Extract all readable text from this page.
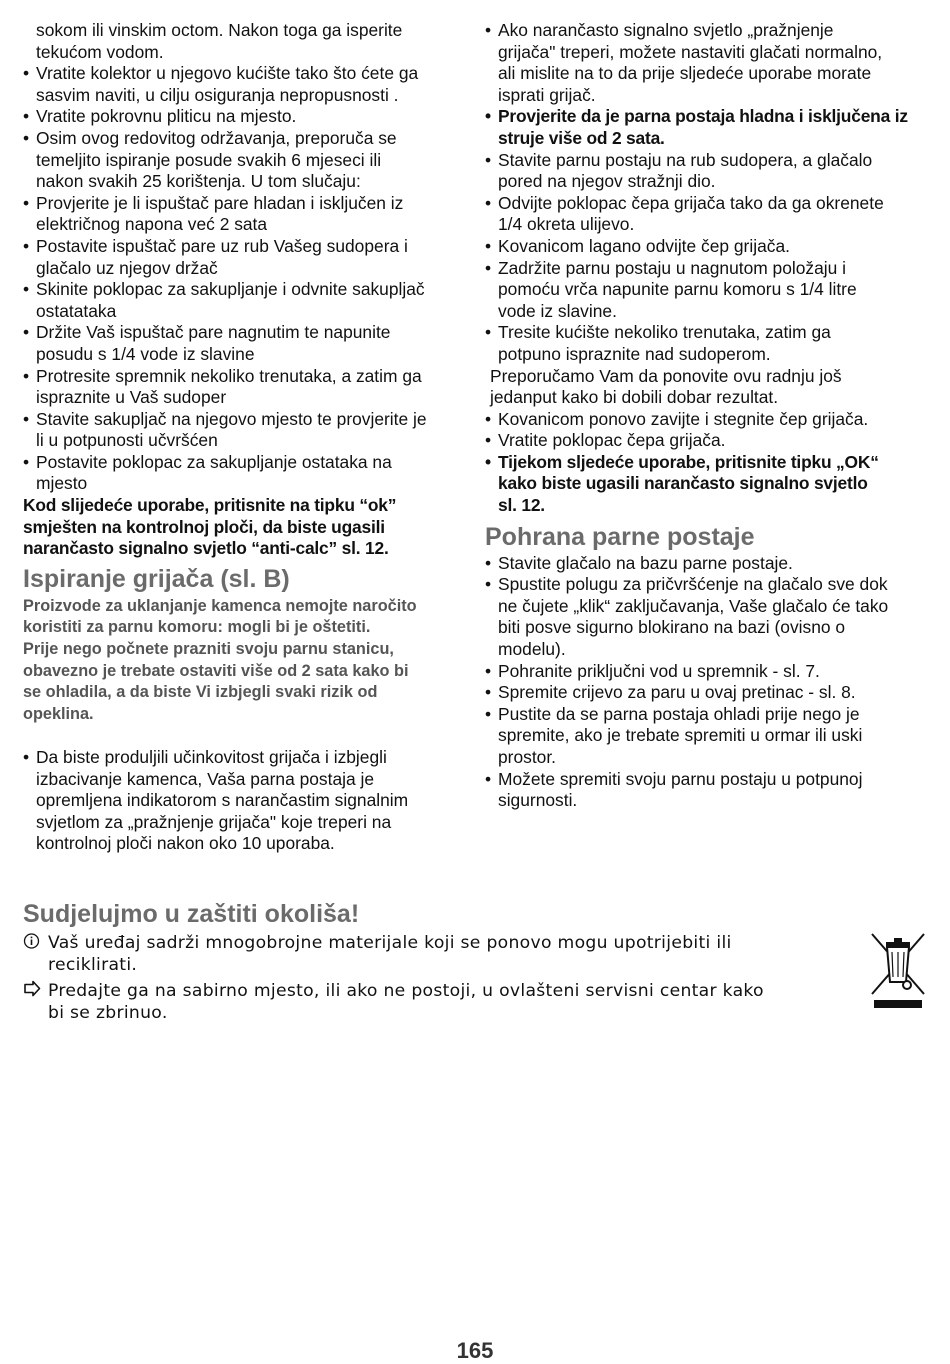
sokom ili vinskim octom. Nakon toga ga isperite
tekućom vodom.
• Vratite kolektor u njegovo kućište tako što ćete ga
sasvim naviti, u cilju osiguranja nepropusnosti .
• Vratite pokrovnu pliticu na mjesto.
• Osim ovog redovitog održavanja, preporuča se
temeljito ispiranje posude svakih 6 mjeseci ili
nakon svakih 25 korištenja. U tom slučaju:
• Provjerite je li ispuštač pare hladan i isključen iz
električnog napona već 2 sata
• Postavite ispuštač pare uz rub Vašeg sudopera i
glačalo uz njegov držač
• Skinite poklopac za sakupljanje i odvnite sakupljač
ostatataka
• Držite Vaš ispuštač pare nagnutim te napunite
posudu s 1/4 vode iz slavine
• Protresite spremnik nekoliko trenutaka, a zatim ga
ispraznite u Vaš sudoper
• Stavite sakupljač na njegovo mjesto te provjerite je
li u potpunosti učvršćen
• Postavite poklopac za sakupljanje ostataka na
mjesto
Kod slijedeće uporabe, pritisnite na tipku “ok”
smješten na kontrolnoj ploči, da biste ugasili
narančasto signalno svjetlo “anti-calc” sl. 12.
Ispiranje grijača (sl. B)
Proizvode za uklanjanje kamenca nemojte naročito
koristiti za parnu komoru: mogli bi je oštetiti.
Prije nego počnete prazniti svoju parnu stanicu,
obavezno je trebate ostaviti više od 2 sata kako bi
se ohladila, a da biste Vi izbjegli svaki rizik od
opeklina.
• Da biste produljili učinkovitost grijača i izbjegli
izbacivanje kamenca, Vaša parna postaja je
opremljena indikatorom s narančastim signalnim
svjetlom za „pražnjenje grijača" koje treperi na
kontrolnoj ploči nakon oko 10 uporaba.
• Ako narančasto signalno svjetlo „pražnjenje
grijača" treperi, možete nastaviti glačati normalno,
ali mislite na to da prije sljedeće uporabe morate
isprati grijač.
• Provjerite da je parna postaja hladna i isključena iz
struje više od 2 sata.
• Stavite parnu postaju na rub sudopera, a glačalo
pored na njegov stražnji dio.
• Odvijte poklopac čepa grijača tako da ga okrenete
1/4 okreta ulijevo.
• Kovanicom lagano odvijte čep grijača.
• Zadržite parnu postaju u nagnutom položaju i
pomoću vrča napunite parnu komoru s 1/4 litre
vode iz slavine.
• Tresite kućište nekoliko trenutaka, zatim ga
potpuno ispraznite nad sudoperom.
Preporučamo Vam da ponovite ovu radnju još
jedanput kako bi dobili dobar rezultat.
• Kovanicom ponovo zavijte i stegnite čep grijača.
• Vratite poklopac čepa grijača.
• Tijekom sljedeće uporabe, pritisnite tipku „OK“
kako biste ugasili narančasto signalno svjetlo
sl. 12.
Pohrana parne postaje
• Stavite glačalo na bazu parne postaje.
• Spustite polugu za pričvršćenje na glačalo sve dok
ne čujete „klik“ zaključavanja, Vaše glačalo će tako
biti posve sigurno blokirano na bazi (ovisno o
modelu).
• Pohranite priključni vod u spremnik - sl. 7.
• Spremite crijevo za paru u ovaj pretinac - sl. 8.
• Pustite da se parna postaja ohladi prije nego je
spremite, ako je trebate spremiti u ormar ili uski
prostor.
• Možete spremiti svoju parnu postaju u potpunoj
sigurnosti.
Sudjelujmo u zaštiti okoliša!
Vaš uređaj sadrži mnogobrojne materijale koji se ponovo mogu upotrijebiti ili
reciklirati.
Predajte ga na sabirno mjesto, ili ako ne postoji, u ovlašteni servisni centar kako
bi se zbrinuo.
165
